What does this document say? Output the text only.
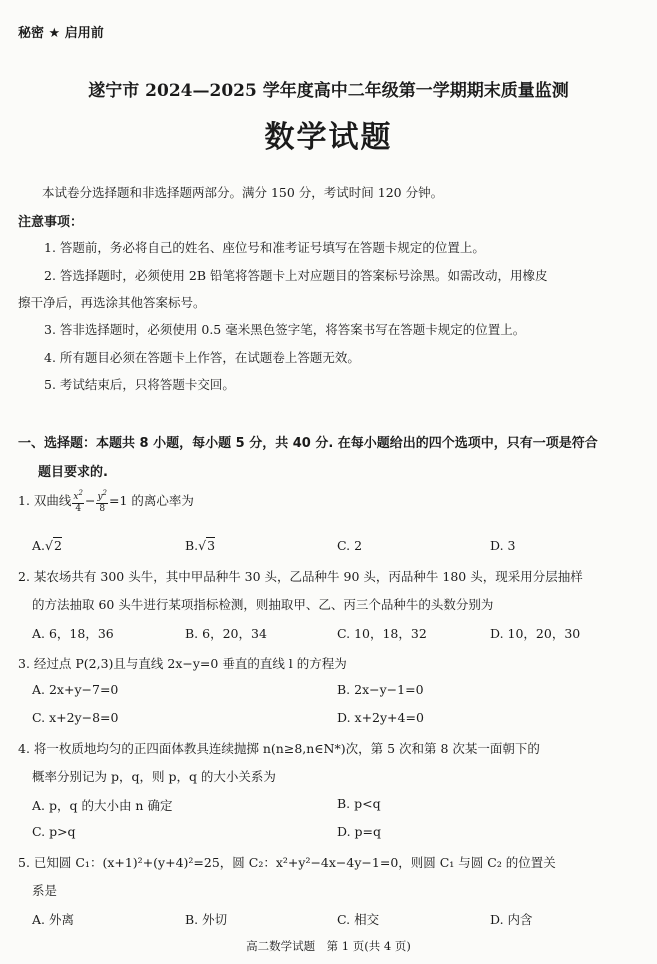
秘密 ★ 启用前
遂宁市 2024—2025 学年度高中二年级第一学期期末质量监测
数学试题
本试卷分选择题和非选择题两部分。满分 150 分，考试时间 120 分钟。
注意事项：
1. 答题前，务必将自己的姓名、座位号和准考证号填写在答题卡规定的位置上。
2. 答选择题时，必须使用 2B 铅笔将答题卡上对应题目的答案标号涂黑。如需改动，用橡皮
擦干净后，再选涂其他答案标号。
3. 答非选择题时，必须使用 0.5 毫米黑色签字笔，将答案书写在答题卡规定的位置上。
4. 所有题目必须在答题卡上作答，在试题卷上答题无效。
5. 考试结束后，只将答题卡交回。
一、选择题：本题共 8 小题，每小题 5 分，共 40 分. 在每小题给出的四个选项中，只有一项是符合
题目要求的.
1. 双曲线 $\frac{x^2}{4} - \frac{y^2}{8} =1$ 的离心率为
A.√2	B.√3	C. 2	D. 3
2. 某农场共有 300 头牛，其中甲品种牛 30 头，乙品种牛 90 头，丙品种牛 180 头，现采用分层抽样
的方法抽取 60 头牛进行某项指标检测，则抽取甲、乙、丙三个品种牛的头数分别为
A. 6，18，36	B. 6，20，34	C. 10，18，32	D. 10，20，30
3. 经过点 P(2,3)且与直线 2x−y=0 垂直的直线 l 的方程为
A. 2x+y−7=0	B. 2x−y−1=0
C. x+2y−8=0	D. x+2y+4=0
4. 将一枚质地均匀的正四面体教具连续抛掷 n(n≥8,n∈N*)次，第 5 次和第 8 次某一面朝下的
概率分别记为 p，q，则 p，q 的大小关系为
A. p，q 的大小由 n 确定	B. p<q
C. p>q	D. p=q
5. 已知圆 C₁：(x+1)²+(y+4)²=25，圆 C₂：x²+y²−4x−4y−1=0，则圆 C₁ 与圆 C₂ 的位置关
系是
A. 外离	B. 外切	C. 相交	D. 内含
高二数学试题　第 1 页(共 4 页)
